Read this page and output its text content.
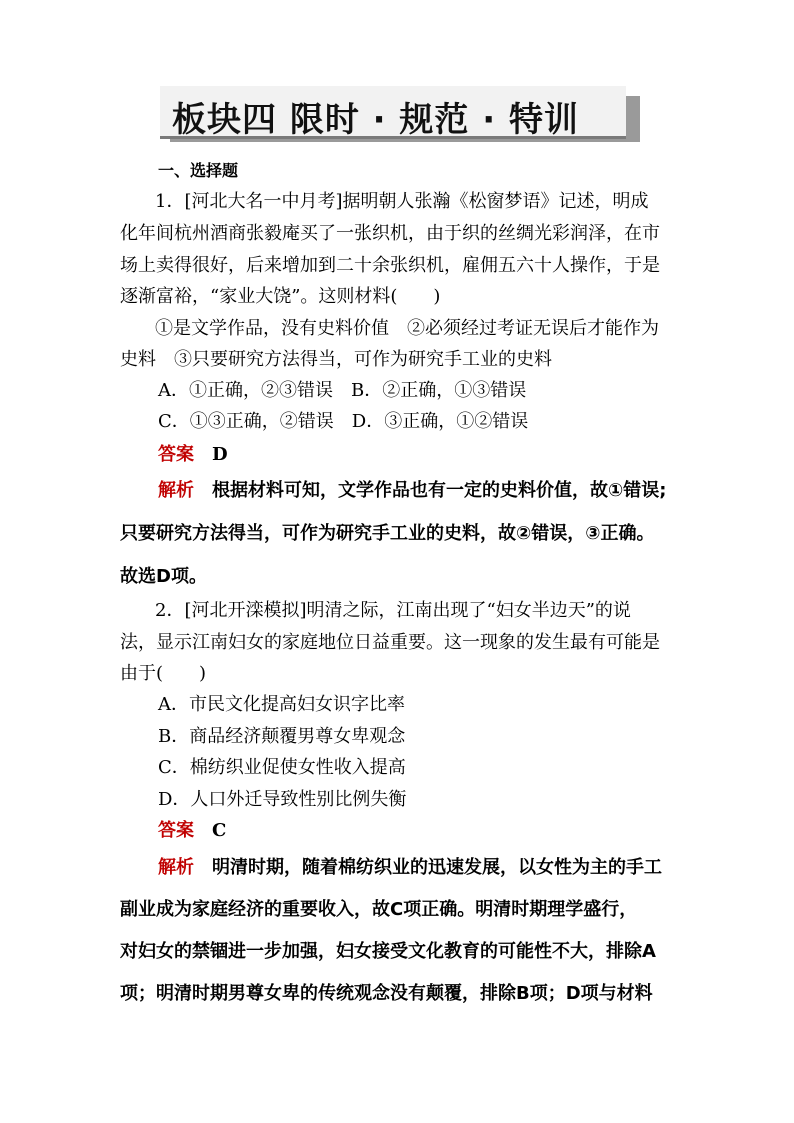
板块四 限时 · 规范 · 特训
一、选择题
1．[河北大名一中月考]据明朝人张瀚《松窗梦语》记述，明成
化年间杭州酒商张毅庵买了一张织机，由于织的丝绸光彩润泽，在市
场上卖得很好，后来增加到二十余张织机，雇佣五六十人操作，于是
逐渐富裕，“家业大饶”。这则材料(　　)
①是文学作品，没有史料价值　②必须经过考证无误后才能作为
史料　③只要研究方法得当，可作为研究手工业的史料
A．①正确，②③错误　B．②正确，①③错误
C．①③正确，②错误　D．③正确，①②错误
答案 D
解析 根据材料可知，文学作品也有一定的史料价值，故①错误;
只要研究方法得当，可作为研究手工业的史料，故②错误，③正确。
故选D项。
2．[河北开滦模拟]明清之际，江南出现了“妇女半边天”的说
法，显示江南妇女的家庭地位日益重要。这一现象的发生最有可能是
由于(　　)
A．市民文化提高妇女识字比率
B．商品经济颠覆男尊女卑观念
C．棉纺织业促使女性收入提高
D．人口外迁导致性别比例失衡
答案 C
解析 明清时期，随着棉纺织业的迅速发展，以女性为主的手工
副业成为家庭经济的重要收入，故C项正确。明清时期理学盛行，
对妇女的禁锢进一步加强，妇女接受文化教育的可能性不大，排除A
项；明清时期男尊女卑的传统观念没有颠覆，排除B项；D项与材料
